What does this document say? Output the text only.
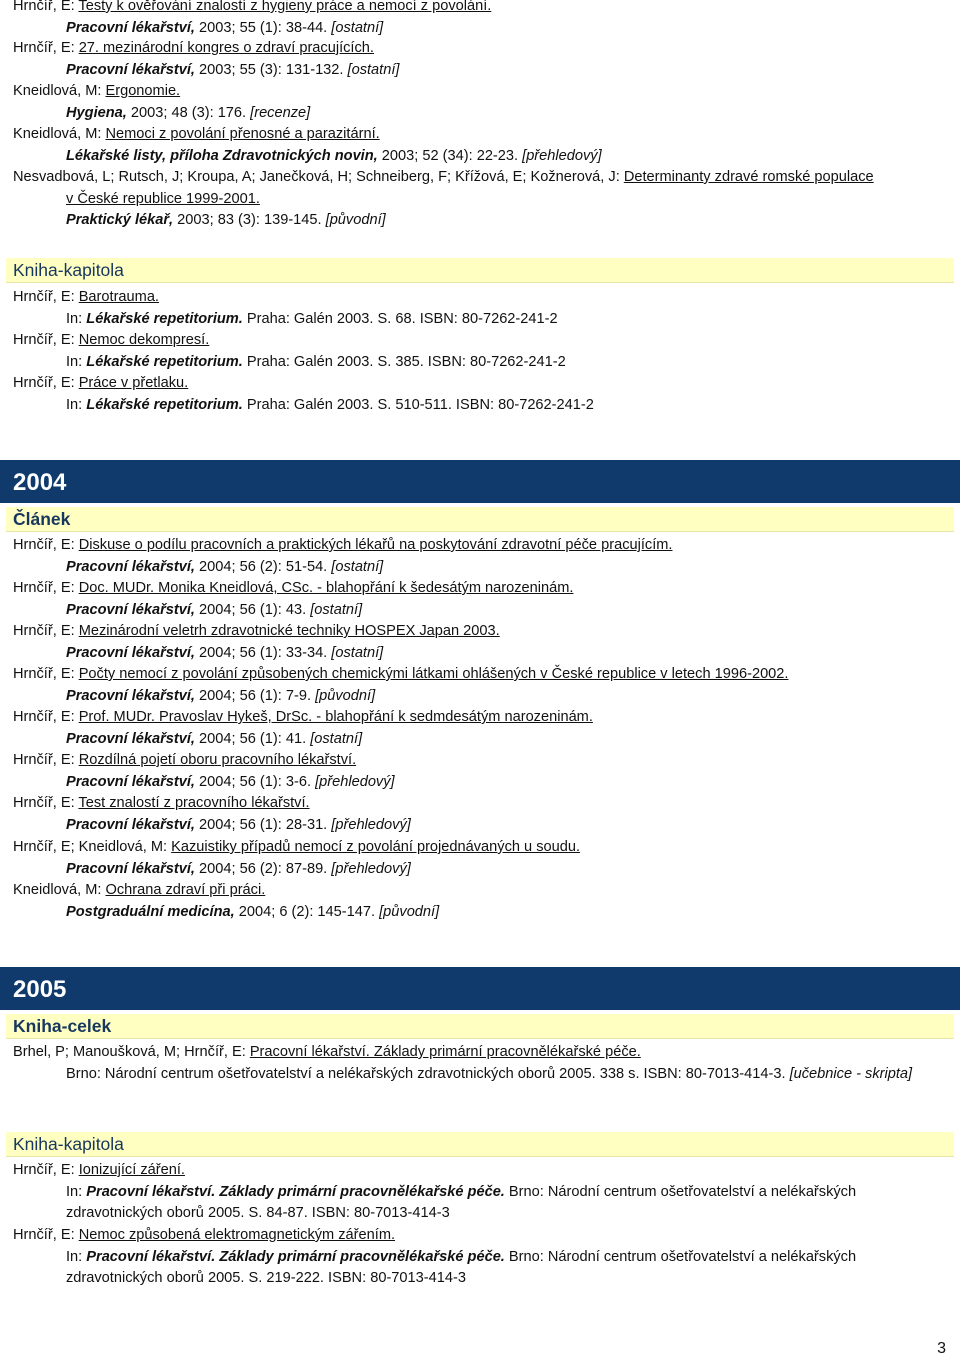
Hrnčíř, E: Testy k ověřování znalostí z hygieny práce a nemocí z povolání.
Pracovní lékařství, 2003; 55 (1): 38-44. [ostatní]
Hrnčíř, E: 27. mezinárodní kongres o zdraví pracujících.
Pracovní lékařství, 2003; 55 (3): 131-132. [ostatní]
Kneidlová, M: Ergonomie.
Hygiena, 2003; 48 (3): 176. [recenze]
Kneidlová, M: Nemoci z povolání přenosné a parazitární.
Lékařské listy, příloha Zdravotnických novin, 2003; 52 (34): 22-23. [přehledový]
Nesvadbová, L; Rutsch, J; Kroupa, A; Janečková, H; Schneiberg, F; Křížová, E; Kožnerová, J: Determinanty zdravé romské populace
v České republice 1999-2001.
Praktický lékař, 2003; 83 (3): 139-145. [původní]
Kniha-kapitola
Hrnčíř, E: Barotrauma.
In: Lékařské repetitorium. Praha: Galén 2003. S. 68. ISBN: 80-7262-241-2
Hrnčíř, E: Nemoc dekompresí.
In: Lékařské repetitorium. Praha: Galén 2003. S. 385. ISBN: 80-7262-241-2
Hrnčíř, E: Práce v přetlaku.
In: Lékařské repetitorium. Praha: Galén 2003. S. 510-511. ISBN: 80-7262-241-2
2004
Článek
Hrnčíř, E: Diskuse o podílu pracovních a praktických lékařů na poskytování zdravotní péče pracujícím.
Pracovní lékařství, 2004; 56 (2): 51-54. [ostatní]
Hrnčíř, E: Doc. MUDr. Monika Kneidlová, CSc. - blahopřání k šedesátým narozeninám.
Pracovní lékařství, 2004; 56 (1): 43. [ostatní]
Hrnčíř, E: Mezinárodní veletrh zdravotnické techniky HOSPEX Japan 2003.
Pracovní lékařství, 2004; 56 (1): 33-34. [ostatní]
Hrnčíř, E: Počty nemocí z povolání způsobených chemickými látkami ohlášených v České republice v letech 1996-2002.
Pracovní lékařství, 2004; 56 (1): 7-9. [původní]
Hrnčíř, E: Prof. MUDr. Pravoslav Hykeš, DrSc. - blahopřání k sedmdesátým narozeninám.
Pracovní lékařství, 2004; 56 (1): 41. [ostatní]
Hrnčíř, E: Rozdílná pojetí oboru pracovního lékařství.
Pracovní lékařství, 2004; 56 (1): 3-6. [přehledový]
Hrnčíř, E: Test znalostí z pracovního lékařství.
Pracovní lékařství, 2004; 56 (1): 28-31. [přehledový]
Hrnčíř, E; Kneidlová, M: Kazuistiky případů nemocí z povolání projednávaných u soudu.
Pracovní lékařství, 2004; 56 (2): 87-89. [přehledový]
Kneidlová, M: Ochrana zdraví při práci.
Postgraduální medicína, 2004; 6 (2): 145-147. [původní]
2005
Kniha-celek
Brhel, P; Manoušková, M; Hrnčíř, E: Pracovní lékařství. Základy primární pracovnělékařské péče.
Brno: Národní centrum ošetřovatelství a nelékařských zdravotnických oborů 2005. 338 s. ISBN: 80-7013-414-3. [učebnice - skripta]
Kniha-kapitola
Hrnčíř, E: Ionizující záření.
In: Pracovní lékařství. Základy primární pracovnělékařské péče. Brno: Národní centrum ošetřovatelství a nelékařských zdravotnických oborů 2005. S. 84-87. ISBN: 80-7013-414-3
Hrnčíř, E: Nemoc způsobená elektromagnetickým zářením.
In: Pracovní lékařství. Základy primární pracovnělékařské péče. Brno: Národní centrum ošetřovatelství a nelékařských zdravotnických oborů 2005. S. 219-222. ISBN: 80-7013-414-3
3
